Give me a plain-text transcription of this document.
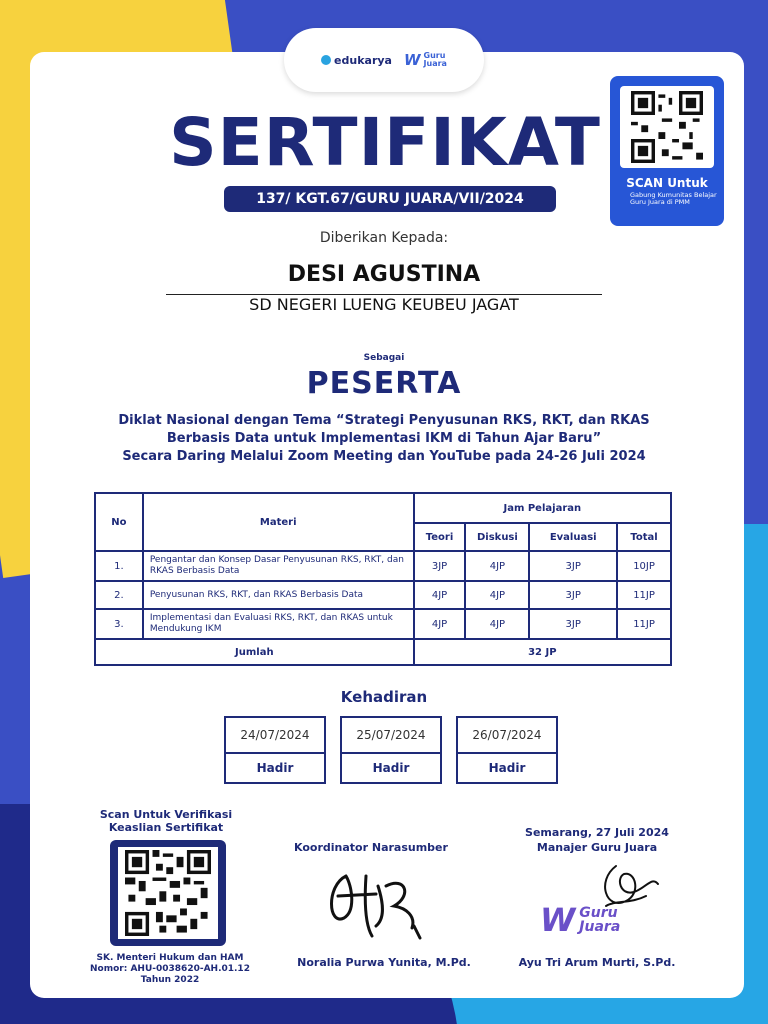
edukarya W Guru
Juara
SERTIFIKAT
137/ KGT.67/GURU JUARA/VII/2024
SCAN Untuk
Gabung Kumunitas Belajar Guru Juara di PMM
Diberikan Kepada:
DESI AGUSTINA
SD NEGERI LUENG KEUBEU JAGAT
Sebagai
PESERTA
Diklat Nasional dengan Tema “Strategi Penyusunan RKS, RKT, dan RKAS
Berbasis Data untuk Implementasi IKM di Tahun Ajar Baru”
Secara Daring Melalui Zoom Meeting dan YouTube pada 24-26 Juli 2024
No	Materi	Jam Pelajaran			
		Teori	Diskusi	Evaluasi	Total
1.	Pengantar dan Konsep Dasar Penyusunan RKS, RKT, dan RKAS Berbasis Data	3JP	4JP	3JP	10JP
2.	Penyusunan RKS, RKT, dan RKAS Berbasis Data	4JP	4JP	3JP	11JP
3.	Implementasi dan Evaluasi RKS, RKT, dan RKAS untuk Mendukung IKM	4JP	4JP	3JP	11JP
Jumlah		32 JP			
Kehadiran
24/07/2024
Hadir
25/07/2024
Hadir
26/07/2024
Hadir
Scan Untuk Verifikasi
Keaslian Sertifikat
SK. Menteri Hukum dan HAM
Nomor: AHU-0038620-AH.01.12
Tahun 2022
Koordinator Narasumber
Noralia Purwa Yunita, M.Pd.
Semarang, 27 Juli 2024
Manajer Guru Juara
W Guru
Juara
Ayu Tri Arum Murti, S.Pd.
